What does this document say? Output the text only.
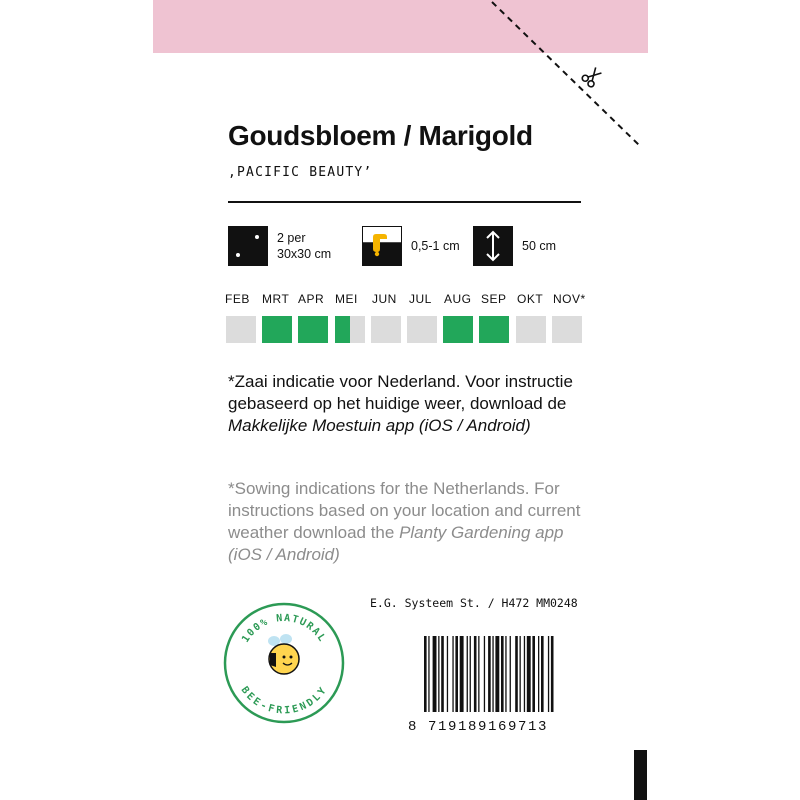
Goudsbloem / Marigold
,PACIFIC BEAUTY’
2 per
30x30 cm
0,5-1 cm	50 cm
FEB MRT APR MEI JUN JUL AUG SEP OKT NOV*
*Zaai indicatie voor Nederland. Voor instructie gebaseerd op het huidige weer, download de Makkelijke Moestuin app (iOS / Android)
*Sowing indications for the Netherlands. For instructions based on your location and current weather download the Planty Gardening app (iOS / Android)
100% NATURAL
BEE-FRIENDLY
E.G. Systeem St. / H472 MM0248
8 719189169713
